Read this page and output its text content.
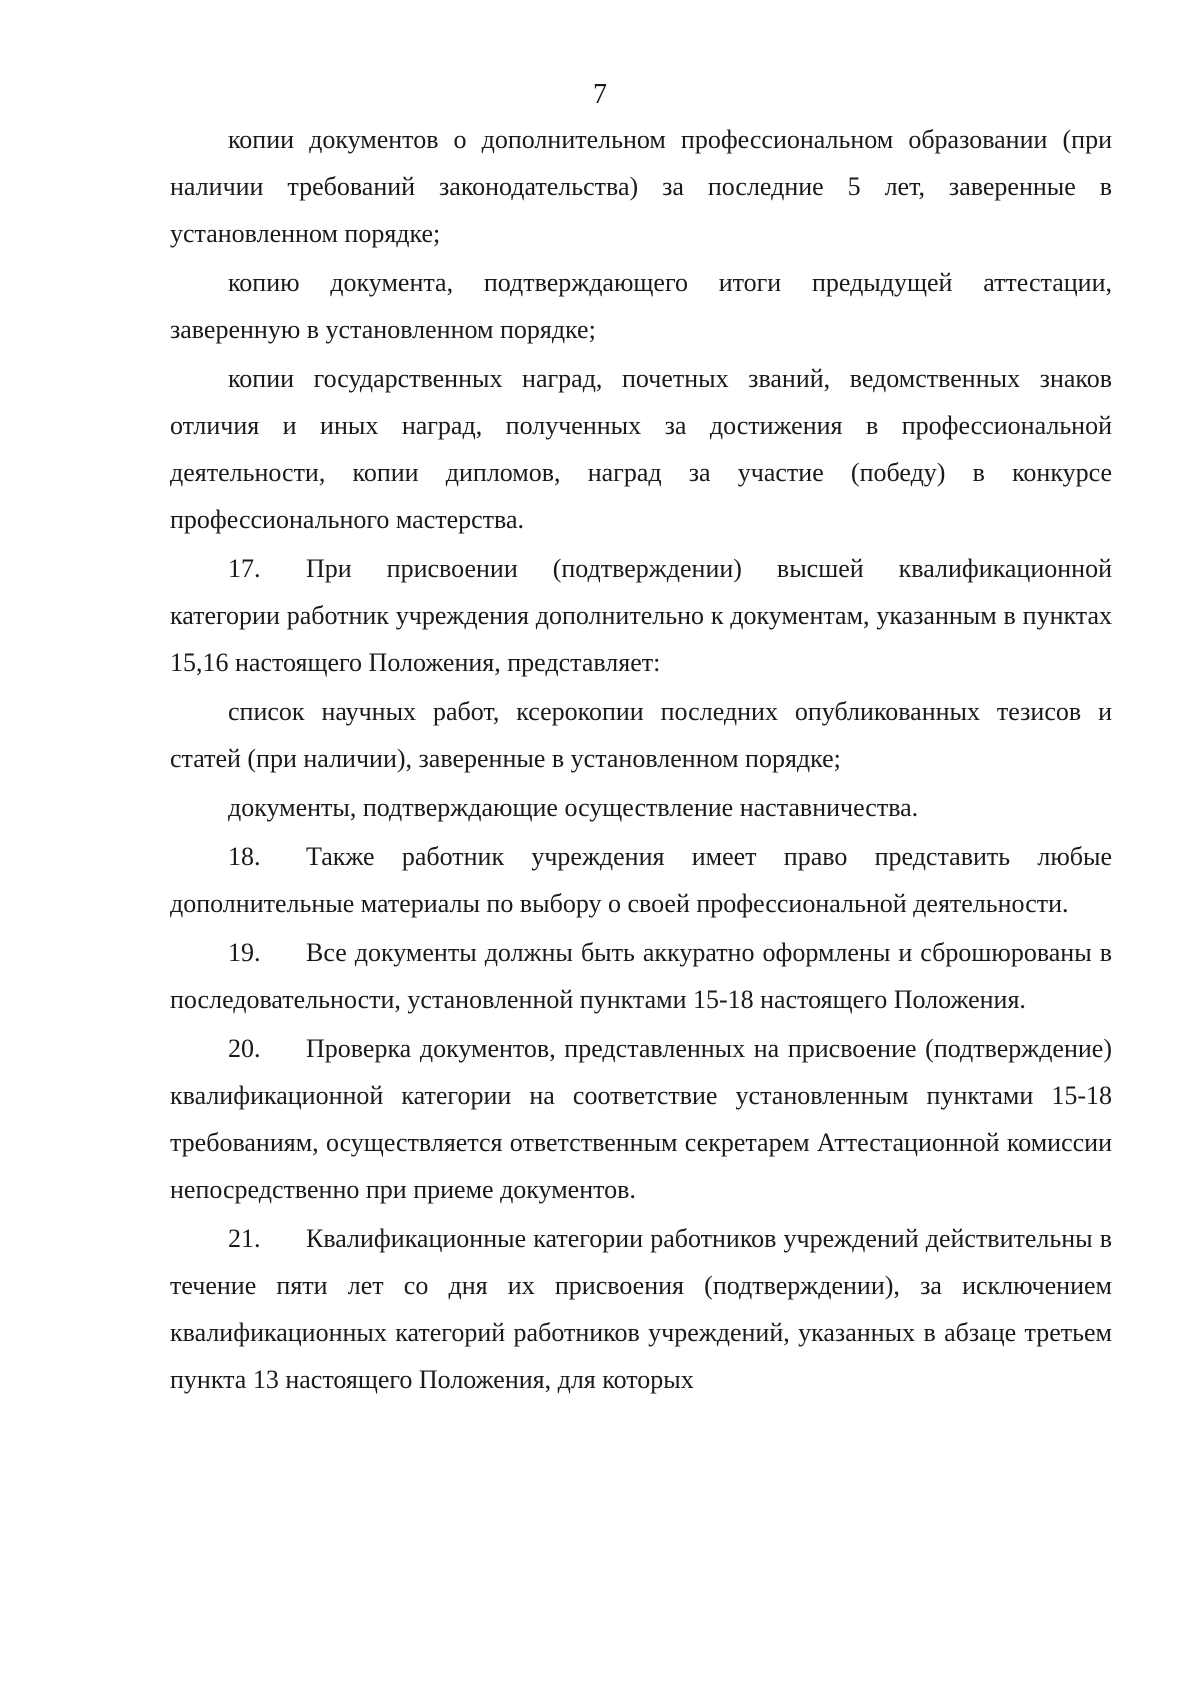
7

копии документов о дополнительном профессиональном образовании (при наличии требований законодательства) за последние 5 лет, заверенные в установленном порядке;

копию документа, подтверждающего итоги предыдущей аттестации, заверенную в установленном порядке;

копии государственных наград, почетных званий, ведомственных знаков отличия и иных наград, полученных за достижения в профессиональной деятельности, копии дипломов, наград за участие (победу) в конкурсе профессионального мастерства.

17. При присвоении (подтверждении) высшей квалификационной категории работник учреждения дополнительно к документам, указанным в пунктах 15,16 настоящего Положения, представляет:

список научных работ, ксерокопии последних опубликованных тезисов и статей (при наличии), заверенные в установленном порядке;

документы, подтверждающие осуществление наставничества.

18. Также работник учреждения имеет право представить любые дополнительные материалы по выбору о своей профессиональной деятельности.

19. Все документы должны быть аккуратно оформлены и сброшюрованы в последовательности, установленной пунктами 15-18 настоящего Положения.

20. Проверка документов, представленных на присвоение (подтверждение) квалификационной категории на соответствие установленным пунктами 15-18 требованиям, осуществляется ответственным секретарем Аттестационной комиссии непосредственно при приеме документов.

21. Квалификационные категории работников учреждений действительны в течение пяти лет со дня их присвоения (подтверждении), за исключением квалификационных категорий работников учреждений, указанных в абзаце третьем пункта 13 настоящего Положения, для которых
